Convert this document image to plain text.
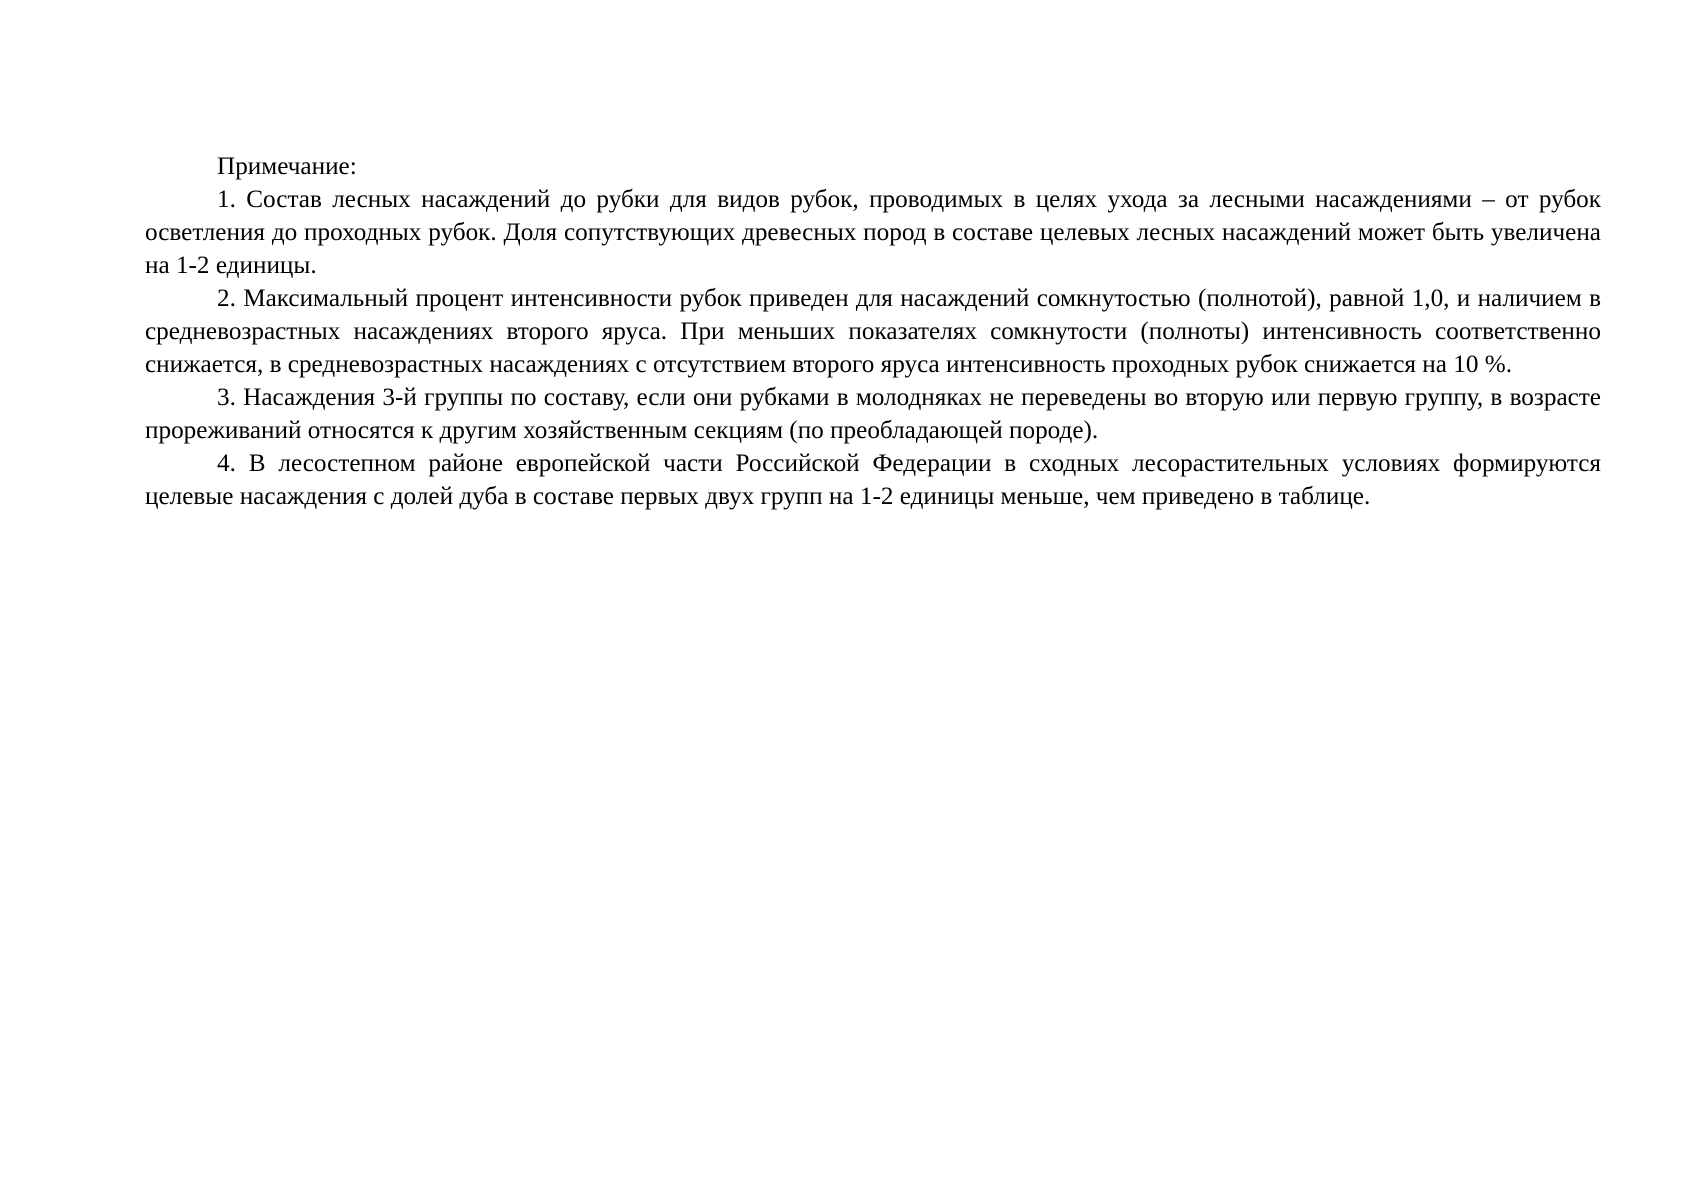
Примечание:

1. Состав лесных насаждений до рубки для видов рубок, проводимых в целях ухода за лесными насаждениями – от рубок осветления до проходных рубок. Доля сопутствующих древесных пород в составе целевых лесных насаждений может быть увеличена на 1-2 единицы.

2. Максимальный процент интенсивности рубок приведен для насаждений сомкнутостью (полнотой), равной 1,0, и наличием в средневозрастных насаждениях второго яруса. При меньших показателях сомкнутости (полноты) интенсивность соответственно снижается, в средневозрастных насаждениях с отсутствием второго яруса интенсивность проходных рубок снижается на 10 %.

3. Насаждения 3-й группы по составу, если они рубками в молодняках не переведены во вторую или первую группу, в возрасте прореживаний относятся к другим хозяйственным секциям (по преобладающей породе).

4. В лесостепном районе европейской части Российской Федерации в сходных лесорастительных условиях формируются целевые насаждения с долей дуба в составе первых двух групп на 1-2 единицы меньше, чем приведено в таблице.
